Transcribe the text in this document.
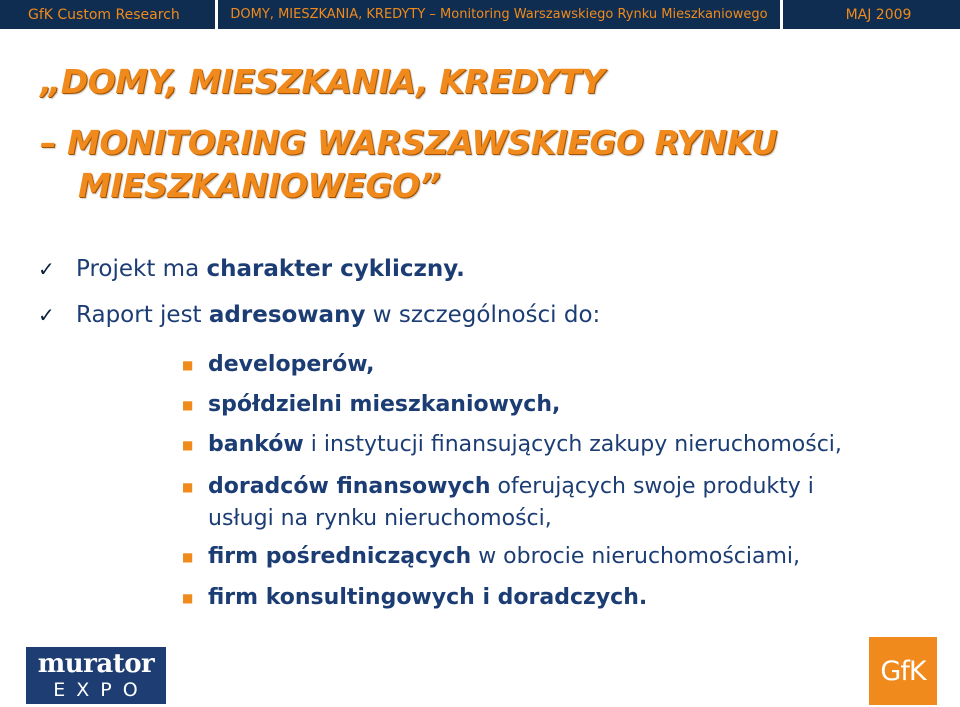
GfK Custom Research	DOMY, MIESZKANIA, KREDYTY – Monitoring Warszawskiego Rynku Mieszkaniowego	MAJ 2009
„DOMY, MIESZKANIA, KREDYTY
– MONITORING WARSZAWSKIEGO RYNKU
MIESZKANIOWEGO”
✓ Projekt ma charakter cykliczny.
✓ Raport jest adresowany w szczególności do:
■ developerów,
■ spółdzielni mieszkaniowych,
■ banków i instytucji finansujących zakupy nieruchomości,
■ doradców finansowych oferujących swoje produkty i
usługi na rynku nieruchomości,
■ firm pośredniczących w obrocie nieruchomościami,
■ firm konsultingowych i doradczych.
murator
EXPO
GfK
